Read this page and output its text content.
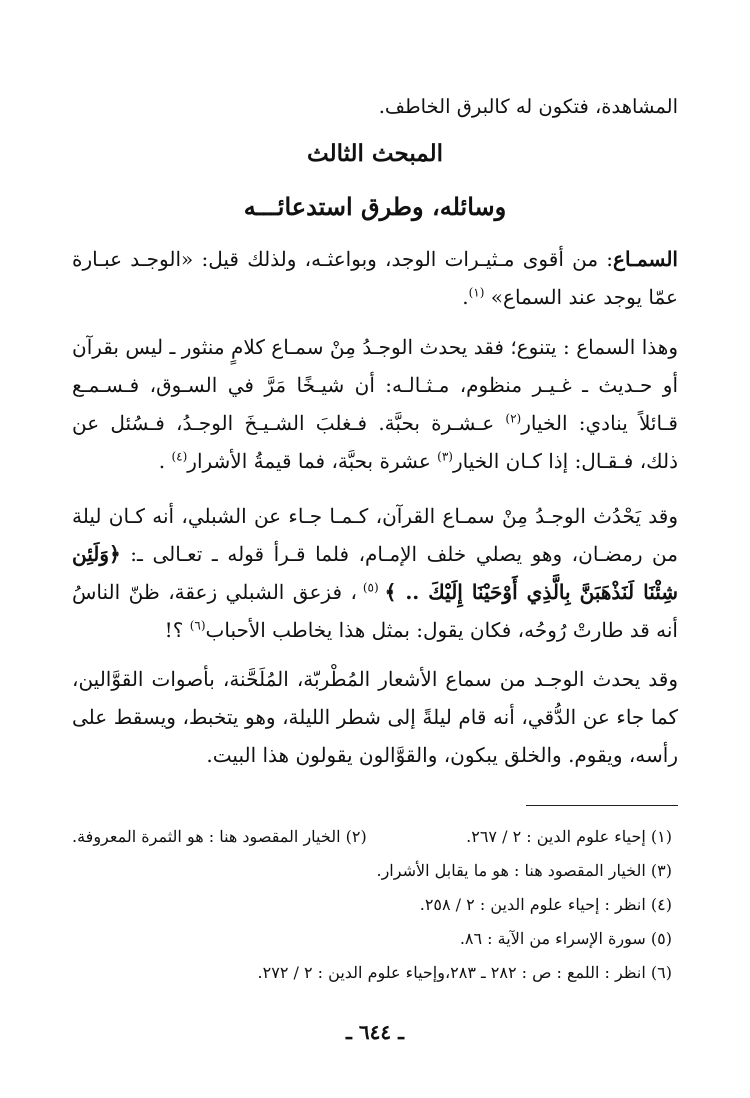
المشاهدة، فتكون له كالبرق الخاطف.
المبحث الثالث
وسائله، وطرق استدعائـــه
السمـاع: من أقوى مـثيـرات الوجد، وبواعثـه، ولذلك قيل: «الوجـد عبـارة عمّا يوجد عند السماع» $^{(١)}$.
وهذا السماع : يتنوع؛ فقد يحدث الوجـدُ مِنْ سمـاع كلامٍ منثور ـ ليس بقرآن أو حـديث ـ غـيـر منظوم، مـثـالـه: أن شيـخًا مَرَّ في السـوق، فـسـمـع قـائلاً ينادي: الخيار$^{(٢)}$ عـشـرة بحبَّة. فـغلبَ الشـيـخَ الوجـدُ، فـسُئل عن ذلك، فـقـال: إذا كـان الخيار$^{(٣)}$ عشرة بحبَّة، فما قيمةُ الأشرار$^{(٤)}$ .
وقد يَحْدُث الوجـدُ مِنْ سمـاع القرآن، كـمـا جـاء عن الشبلي، أنه كـان ليلة من رمضـان، وهو يصلي خلف الإمـام، فلما قـرأ قوله ـ تعـالى ـ: ﴿وَلَئِن شِئْنَا لَنَذْهَبَنَّ بِالَّذِي أَوْحَيْنَا إِلَيْكَ .. ﴾ $^{(٥)}$ ، فزعق الشبلي زعقة، ظنّ الناسُ أنه قد طارتْ رُوحُه، فكان يقول: بمثل هذا يخاطب الأحباب$^{(٦)}$ ؟!
وقد يحدث الوجـد من سماع الأشعار المُطْربّة، المُلَحَّنة، بأصوات القوَّالين، كما جاء عن الدُّقي، أنه قام ليلةً إلى شطر الليلة، وهو يتخبط، ويسقط على رأسه، ويقوم. والخلق يبكون، والقوَّالون يقولون هذا البيت.
(١) إحياء علوم الدين : ٢ / ٢٦٧.
(٢) الخيار المقصود هنا : هو الثمرة المعروفة.
(٣) الخيار المقصود هنا : هو ما يقابل الأشرار.
(٤) انظر : إحياء علوم الدين : ٢ / ٢٥٨.
(٥) سورة الإسراء من الآية : ٨٦.
(٦) انظر : اللمع : ص : ٢٨٢ ـ ٢٨٣،وإحياء علوم الدين : ٢ / ٢٧٢.
ـ ٦٤٤ ـ
